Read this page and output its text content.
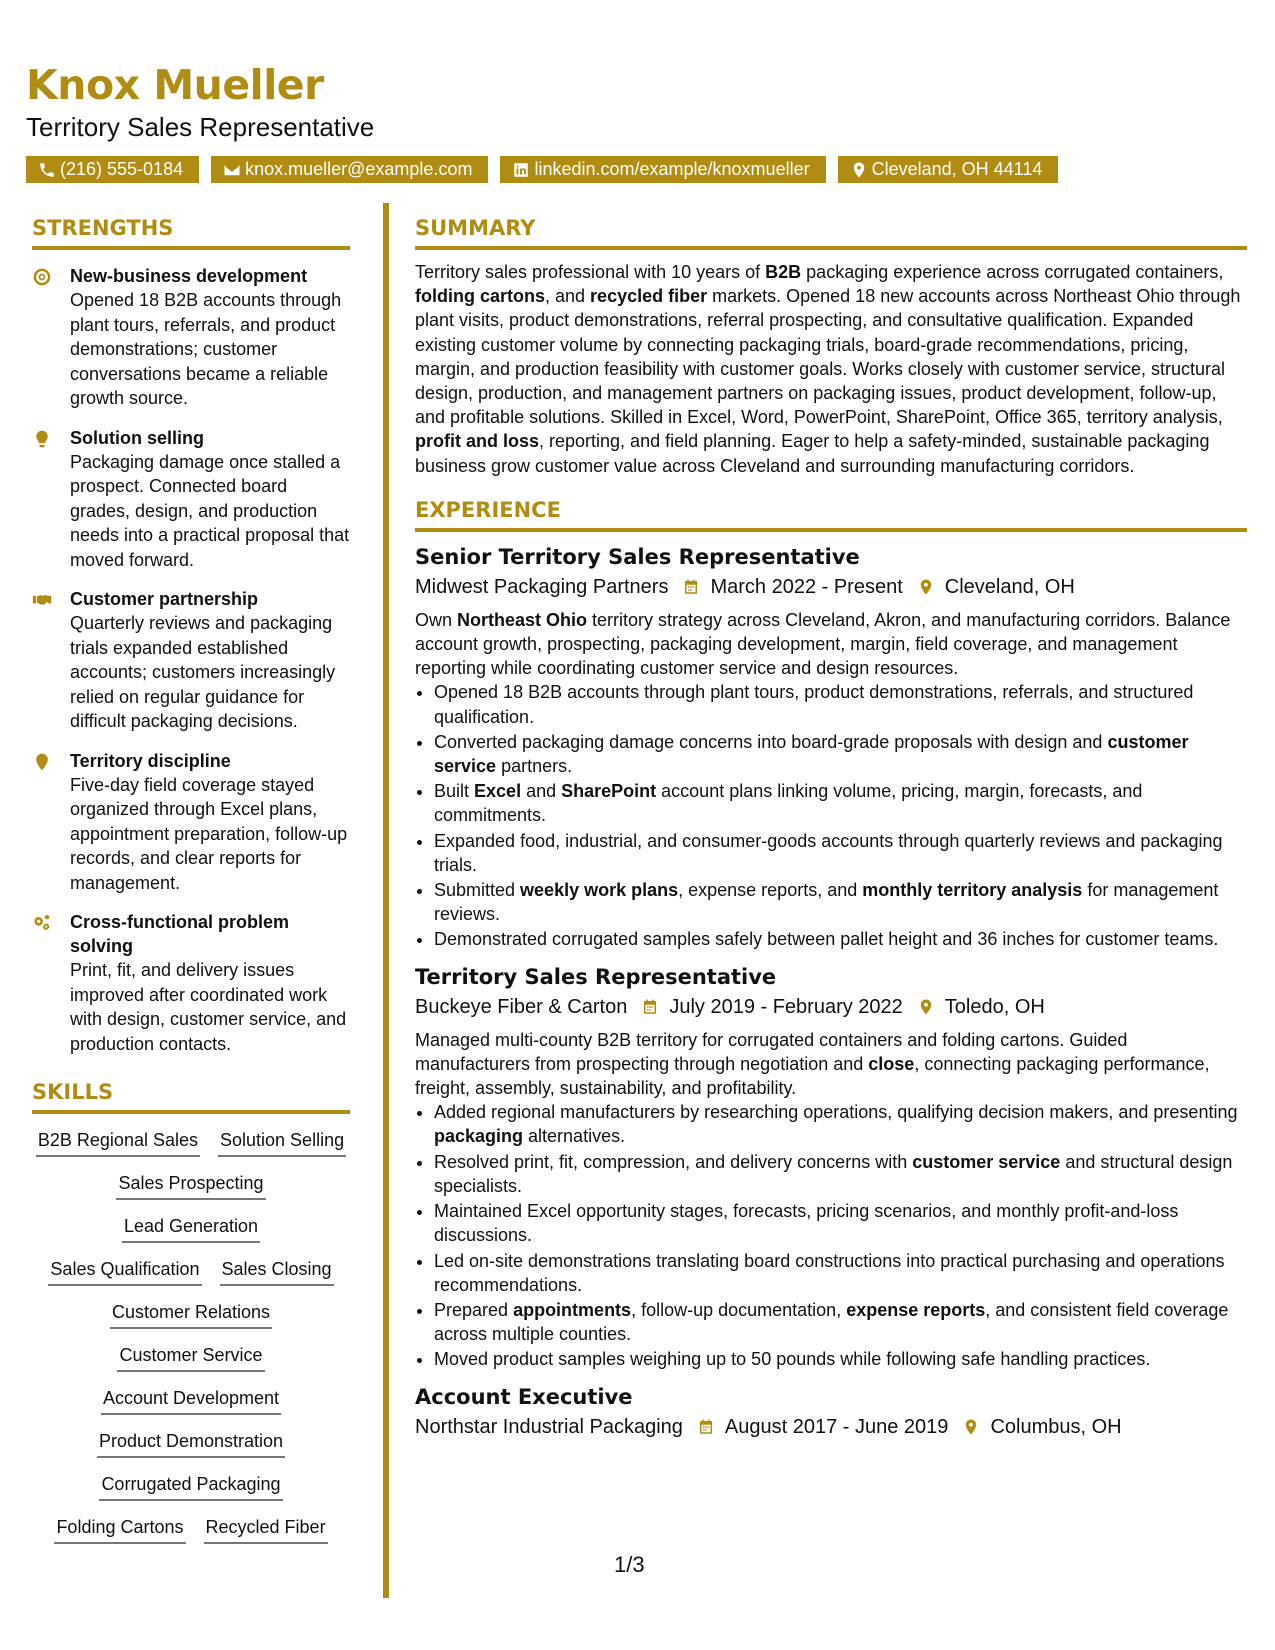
Knox Mueller
Territory Sales Representative
(216) 555-0184	knox.mueller@example.com	linkedin.com/example/knoxmueller	Cleveland, OH 44114
STRENGTHS
New-business development
Opened 18 B2B accounts through plant tours, referrals, and product demonstrations; customer conversations became a reliable growth source.
Solution selling
Packaging damage once stalled a prospect. Connected board grades, design, and production needs into a practical proposal that moved forward.
Customer partnership
Quarterly reviews and packaging trials expanded established accounts; customers increasingly relied on regular guidance for difficult packaging decisions.
Territory discipline
Five-day field coverage stayed organized through Excel plans, appointment preparation, follow-up records, and clear reports for management.
Cross-functional problem solving
Print, fit, and delivery issues improved after coordinated work with design, customer service, and production contacts.
SKILLS
B2B Regional Sales Solution Selling
Sales Prospecting
Lead Generation
Sales Qualification Sales Closing
Customer Relations
Customer Service
Account Development
Product Demonstration
Corrugated Packaging
Folding Cartons Recycled Fiber
SUMMARY

Territory sales professional with 10 years of B2B packaging experience across corrugated containers, folding cartons, and recycled fiber markets. Opened 18 new accounts across Northeast Ohio through plant visits, product demonstrations, referral prospecting, and consultative qualification. Expanded existing customer volume by connecting packaging trials, board-grade recommendations, pricing, margin, and production feasibility with customer goals. Works closely with customer service, structural design, production, and management partners on packaging issues, product development, follow-up, and profitable solutions. Skilled in Excel, Word, PowerPoint, SharePoint, Office 365, territory analysis, profit and loss, reporting, and field planning. Eager to help a safety-minded, sustainable packaging business grow customer value across Cleveland and surrounding manufacturing corridors.

EXPERIENCE
Senior Territory Sales Representative
Midwest Packaging Partners March 2022 - Present Cleveland, OH

Own Northeast Ohio territory strategy across Cleveland, Akron, and manufacturing corridors. Balance account growth, prospecting, packaging development, margin, field coverage, and management reporting while coordinating customer service and design resources.

• Opened 18 B2B accounts through plant tours, product demonstrations, referrals, and structured qualification.
• Converted packaging damage concerns into board-grade proposals with design and customer service partners.
• Built Excel and SharePoint account plans linking volume, pricing, margin, forecasts, and commitments.
• Expanded food, industrial, and consumer-goods accounts through quarterly reviews and packaging trials.
• Submitted weekly work plans, expense reports, and monthly territory analysis for management reviews.
• Demonstrated corrugated samples safely between pallet height and 36 inches for customer teams.
Territory Sales Representative
Buckeye Fiber & Carton July 2019 - February 2022 Toledo, OH

Managed multi-county B2B territory for corrugated containers and folding cartons. Guided manufacturers from prospecting through negotiation and close, connecting packaging performance, freight, assembly, sustainability, and profitability.

• Added regional manufacturers by researching operations, qualifying decision makers, and presenting packaging alternatives.
• Resolved print, fit, compression, and delivery concerns with customer service and structural design specialists.
• Maintained Excel opportunity stages, forecasts, pricing scenarios, and monthly profit-and-loss discussions.
• Led on-site demonstrations translating board constructions into practical purchasing and operations recommendations.
• Prepared appointments, follow-up documentation, expense reports, and consistent field coverage across multiple counties.
• Moved product samples weighing up to 50 pounds while following safe handling practices.
Account Executive
Northstar Industrial Packaging August 2017 - June 2019 Columbus, OH
1/3
